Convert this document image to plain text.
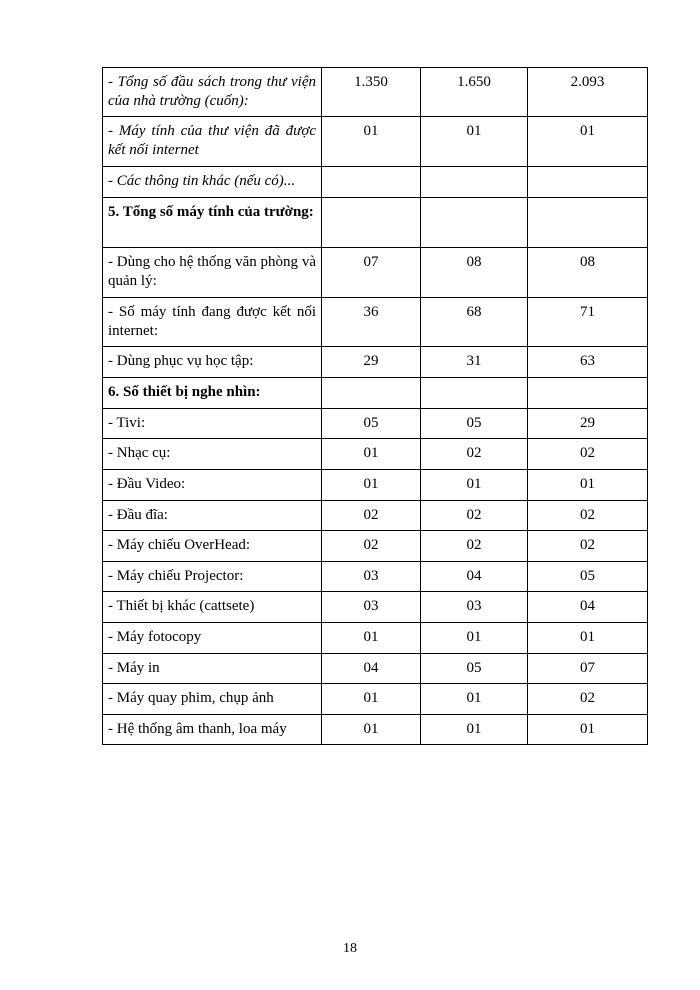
- Tổng số đầu sách trong thư viện của nhà trường (cuốn):	1.350	1.650	2.093
- Máy tính của thư viện đã được kết nối internet	01	01	01
- Các thông tin khác (nếu có)...			
5. Tổng số máy tính của trường:			
- Dùng cho hệ thống văn phòng và quản lý:	07	08	08
- Số máy tính đang được kết nối internet:	36	68	71
- Dùng phục vụ học tập:	29	31	63
6. Số thiết bị nghe nhìn:			
- Tivi:	05	05	29
- Nhạc cụ:	01	02	02
- Đầu Video:	01	01	01
- Đầu đĩa:	02	02	02
- Máy chiếu OverHead:	02	02	02
- Máy chiếu Projector:	03	04	05
- Thiết bị khác (cattsete)	03	03	04
- Máy fotocopy	01	01	01
- Máy in	04	05	07
- Máy quay phim, chụp ảnh	01	01	02
- Hệ thống âm thanh, loa máy	01	01	01
18
